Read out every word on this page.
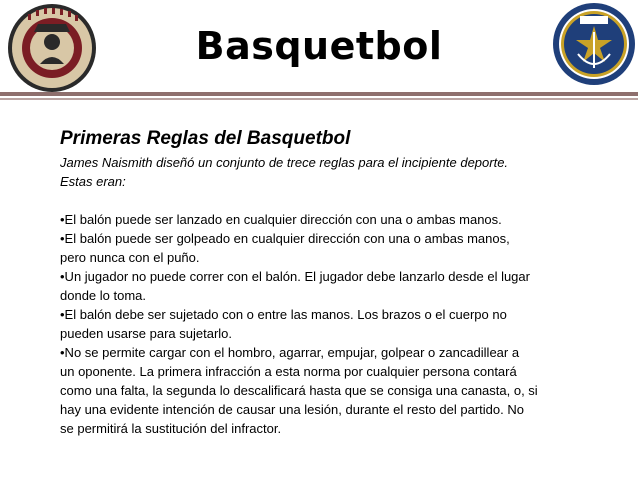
Basquetbol
Primeras Reglas del Basquetbol
James Naismith diseñó un conjunto de trece reglas para el incipiente deporte.
Estas eran:
•El balón puede ser lanzado en cualquier dirección con una o ambas manos.
•El balón puede ser golpeado en cualquier dirección con una o ambas manos,
pero nunca con el puño.
•Un jugador no puede correr con el balón. El jugador debe lanzarlo desde el lugar
donde lo toma.
•El balón debe ser sujetado con o entre las manos. Los brazos o el cuerpo no
pueden usarse para sujetarlo.
•No se permite cargar con el hombro, agarrar, empujar, golpear o zancadillear a
un oponente. La primera infracción a esta norma por cualquier persona contará
como una falta, la segunda lo descalificará hasta que se consiga una canasta, o, si
hay una evidente intención de causar una lesión, durante el resto del partido. No
se permitirá la sustitución del infractor.
